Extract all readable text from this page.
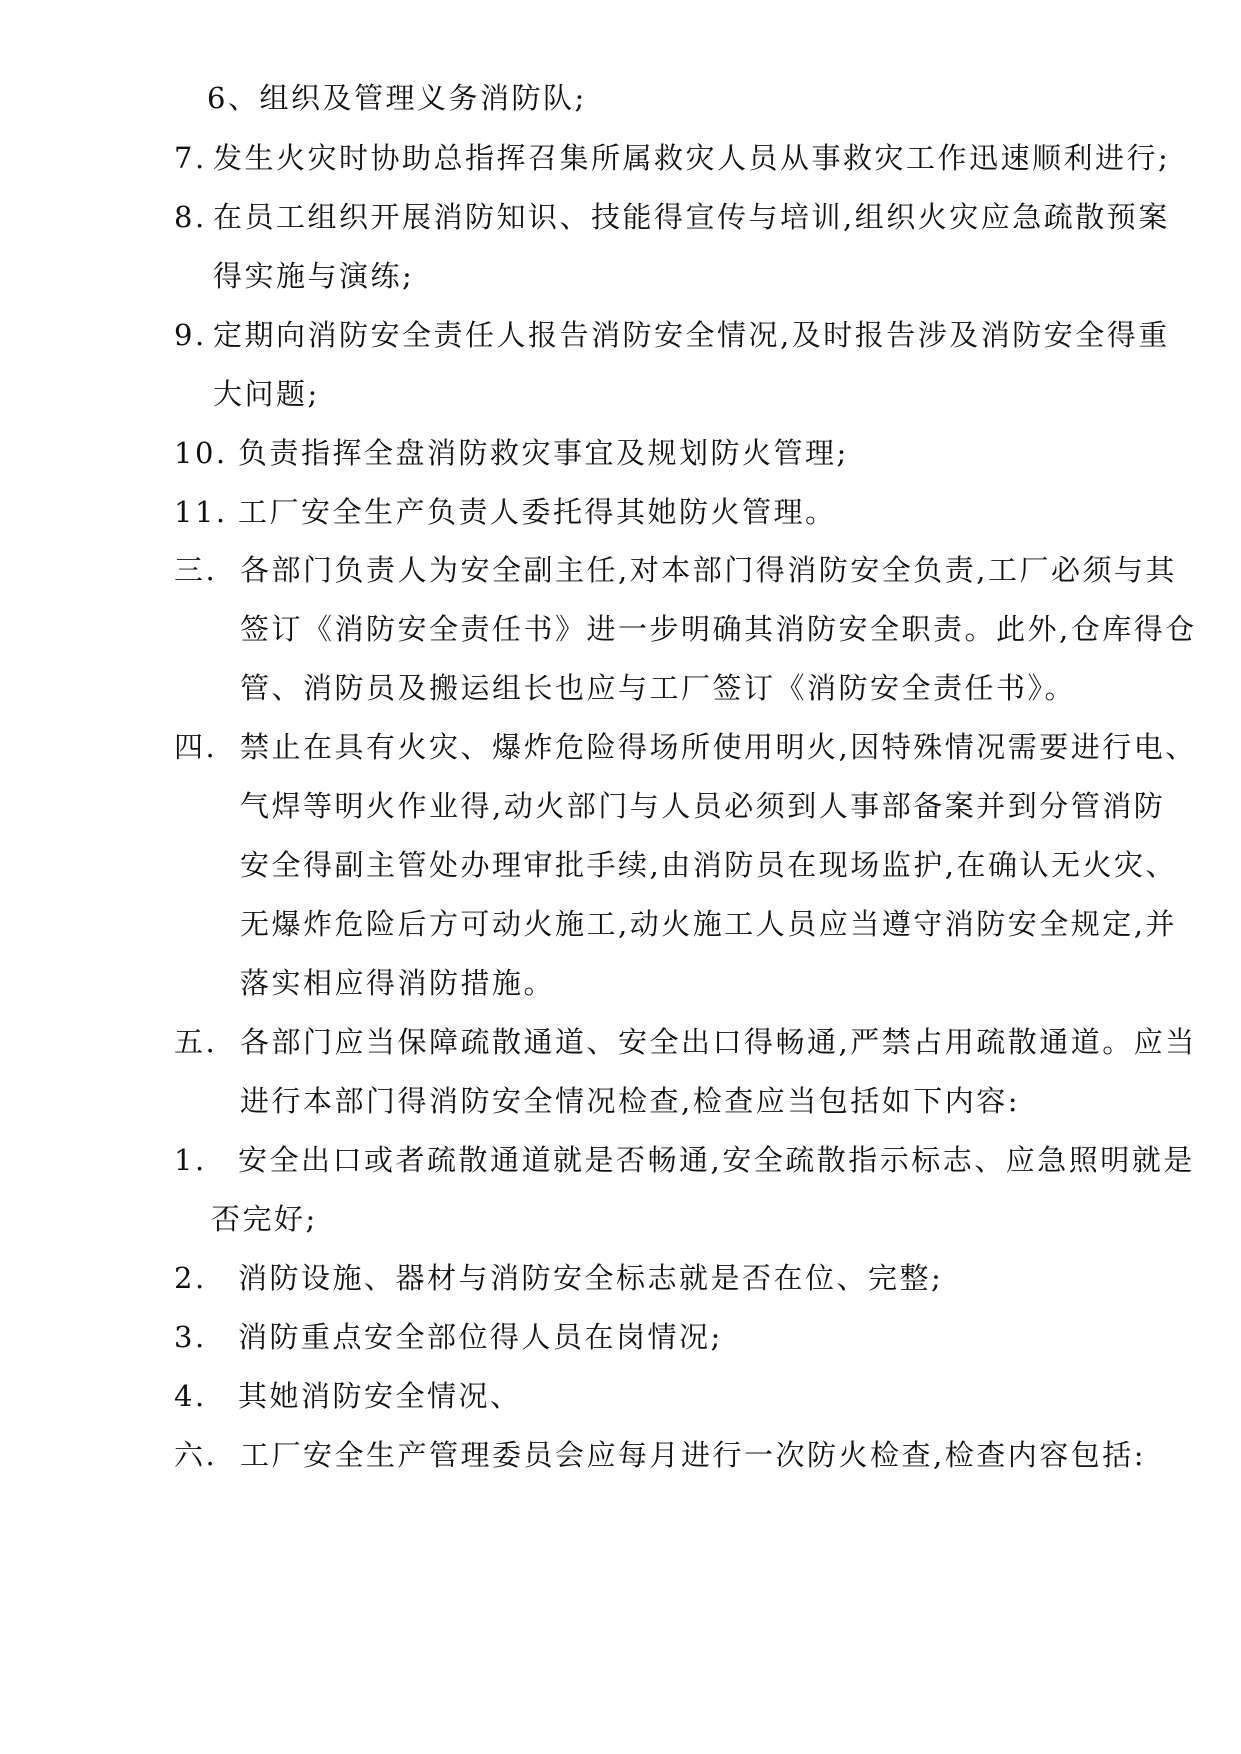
6、组织及管理义务消防队;
7. 发生火灾时协助总指挥召集所属救灾人员从事救灾工作迅速顺利进行;
8. 在员工组织开展消防知识、技能得宣传与培训,组织火灾应急疏散预案
得实施与演练;
9. 定期向消防安全责任人报告消防安全情况,及时报告涉及消防安全得重
大问题;
10. 负责指挥全盘消防救灾事宜及规划防火管理;
11. 工厂安全生产负责人委托得其她防火管理。
三. 各部门负责人为安全副主任,对本部门得消防安全负责,工厂必须与其
签订《消防安全责任书》进一步明确其消防安全职责。此外,仓库得仓
管、消防员及搬运组长也应与工厂签订《消防安全责任书》。
四. 禁止在具有火灾、爆炸危险得场所使用明火,因特殊情况需要进行电、
气焊等明火作业得,动火部门与人员必须到人事部备案并到分管消防
安全得副主管处办理审批手续,由消防员在现场监护,在确认无火灾、
无爆炸危险后方可动火施工,动火施工人员应当遵守消防安全规定,并
落实相应得消防措施。
五. 各部门应当保障疏散通道、安全出口得畅通,严禁占用疏散通道。应当
进行本部门得消防安全情况检查,检查应当包括如下内容:
1. 安全出口或者疏散通道就是否畅通,安全疏散指示标志、应急照明就是
否完好;
2. 消防设施、器材与消防安全标志就是否在位、完整;
3. 消防重点安全部位得人员在岗情况;
4. 其她消防安全情况、
六. 工厂安全生产管理委员会应每月进行一次防火检查,检查内容包括:
